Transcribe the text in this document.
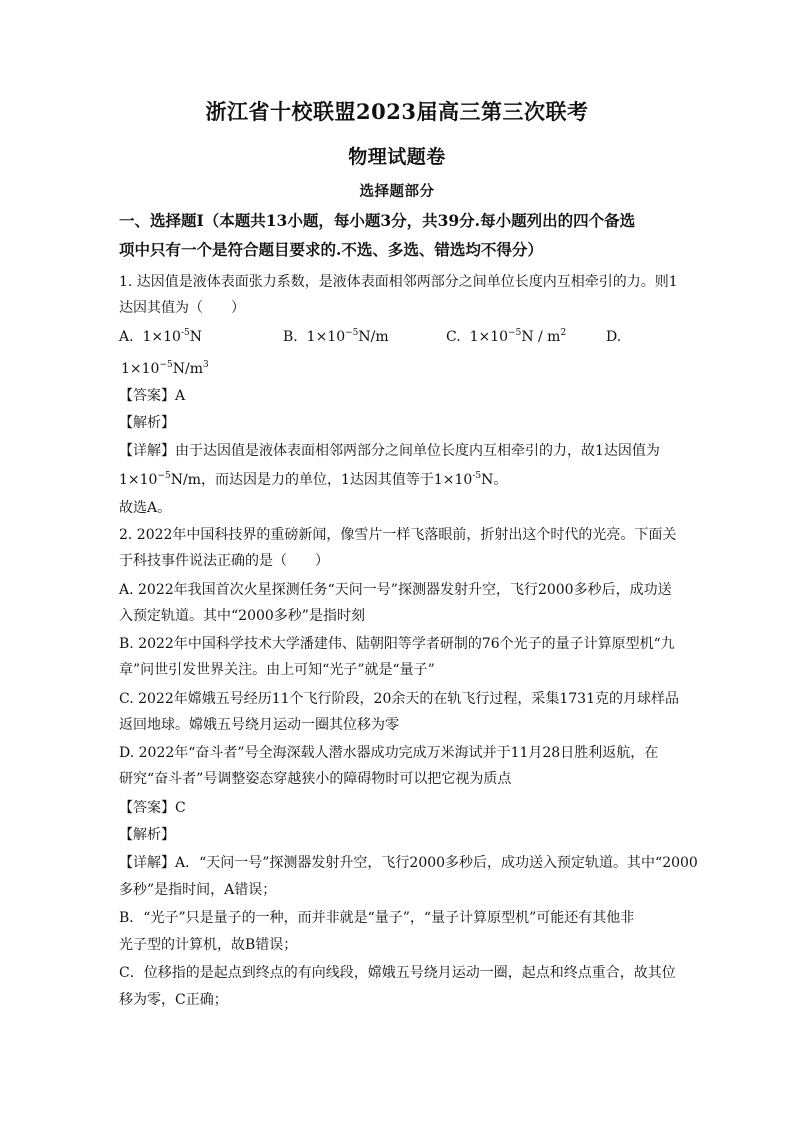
浙江省十校联盟2023届高三第三次联考
物理试题卷
选择题部分
一、选择题Ⅰ（本题共13小题，每小题3分，共39分.每小题列出的四个备选
项中只有一个是符合题目要求的.不选、多选、错选均不得分）
1. 达因值是液体表面张力系数，是液体表面相邻两部分之间单位长度内互相牵引的力。则1
达因其值为（　　）
A. $1\times 10^{-5}N$	B. $1\times 10^{-5}N/m$	C. $1\times 10^{-5}N / m^2$	D.
$1\times 10^{-5}N/m^3$
【答案】A
【解析】
【详解】由于达因值是液体表面相邻两部分之间单位长度内互相牵引的力，故1达因值为
$1\times 10^{-5}N/m$，而达因是力的单位，1达因其值等于$1\times 10^{-5}N$。
故选A。
2. 2022年中国科技界的重磅新闻，像雪片一样飞落眼前，折射出这个时代的光亮。下面关
于科技事件说法正确的是（　　）
A. 2022年我国首次火星探测任务“天问一号”探测器发射升空，飞行2000多秒后，成功送
入预定轨道。其中“2000多秒”是指时刻
B. 2022年中国科学技术大学潘建伟、陆朝阳等学者研制的76个光子的量子计算原型机“九
章”问世引发世界关注。由上可知“光子”就是“量子”
C. 2022年嫦娥五号经历11个飞行阶段，20余天的在轨飞行过程，采集1731克的月球样品
返回地球。嫦娥五号绕月运动一圈其位移为零
D. 2022年“奋斗者”号全海深载人潜水器成功完成万米海试并于11月28日胜利返航，在
研究“奋斗者”号调整姿态穿越狭小的障碍物时可以把它视为质点
【答案】C
【解析】
【详解】A．“天问一号”探测器发射升空，飞行2000多秒后，成功送入预定轨道。其中“2000
多秒”是指时间，A错误；
B．“光子”只是量子的一种，而并非就是“量子”，“量子计算原型机”可能还有其他非
光子型的计算机，故B错误；
C．位移指的是起点到终点的有向线段，嫦娥五号绕月运动一圈，起点和终点重合，故其位
移为零，C正确；
